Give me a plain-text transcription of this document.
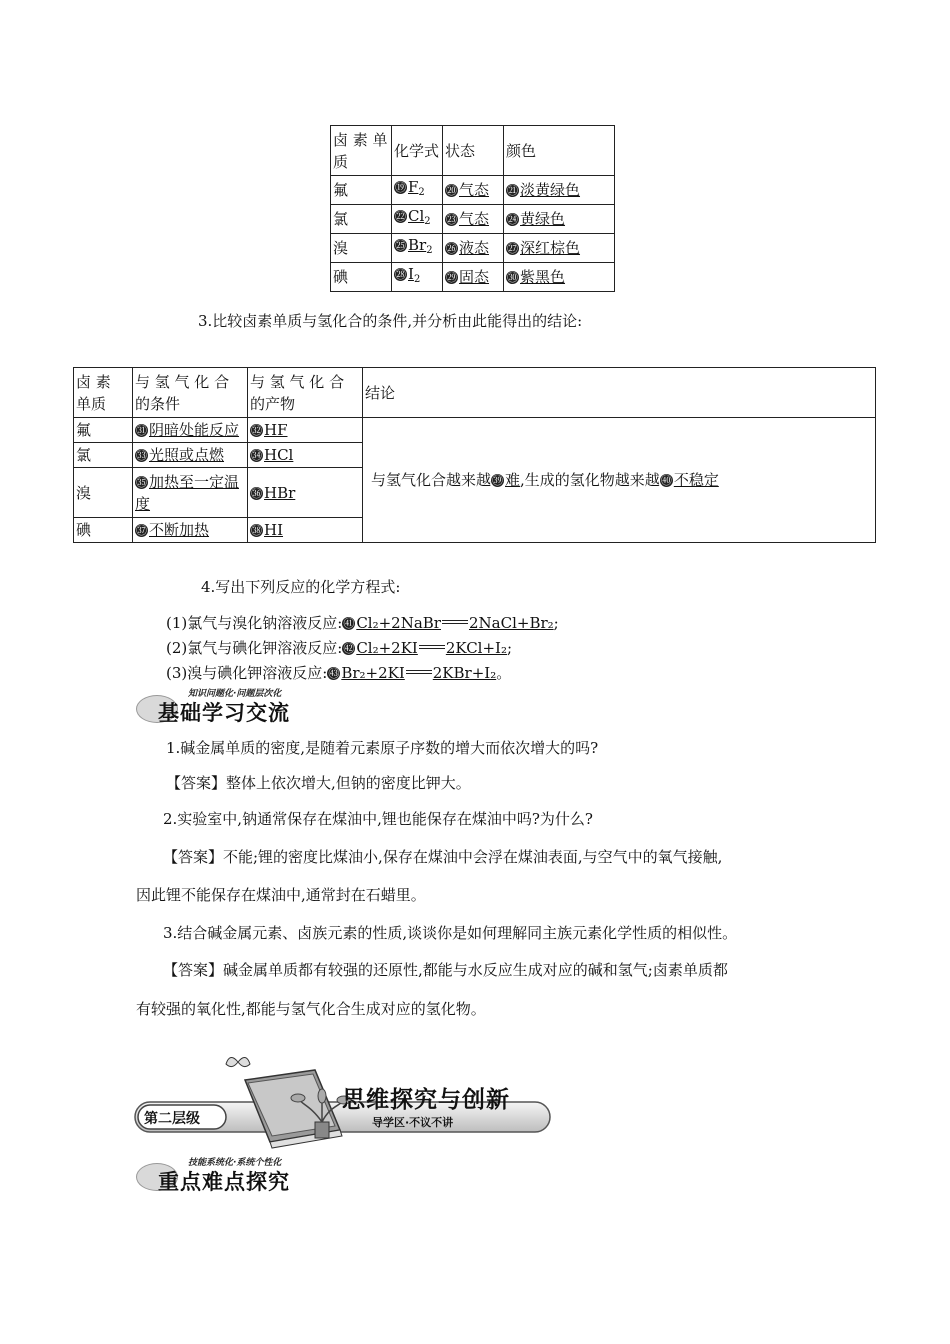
卤 素 单质	化学式	状态	颜色
氟	⑲ $F_2$	⑳ 气态	㉑ 淡黄绿色
氯	㉒ $Cl_2$	㉓ 气态	㉔ 黄绿色
溴	㉕ $Br_2$	㉖ 液态	㉗ 深红棕色
碘	㉘ $I_2$	㉙ 固态	㉚ 紫黑色
3.比较卤素单质与氢化合的条件,并分析由此能得出的结论:
卤 素 单质	与 氢 气 化 合 的条件	与 氢 气 化 合 的产物	结论
氟	㉛ 阴暗处能反应	㉜ HF	与氢气化合越来越㊴ 难,生成的氢化物越来越㊵ 不稳定
氯	㉝ 光照或点燃	㉞ HCl	
溴	㉟ 加热至一定温度	㊱ HBr	
碘	㊲ 不断加热	㊳ HI	
4.写出下列反应的化学方程式:
(1)氯气与溴化钠溶液反应:㊶ Cl₂+2NaBr 2NaCl+Br₂;
(2)氯气与碘化钾溶液反应:㊷ Cl₂+2KI 2KCl+I₂;
(3)溴与碘化钾溶液反应:㊸ Br₂+2KI 2KBr+I₂。
知识问题化·问题层次化
基础学习交流
1.碱金属单质的密度,是随着元素原子序数的增大而依次增大的吗?
【答案】整体上依次增大,但钠的密度比钾大。
2.实验室中,钠通常保存在煤油中,锂也能保存在煤油中吗?为什么?
【答案】不能;锂的密度比煤油小,保存在煤油中会浮在煤油表面,与空气中的氧气接触,
因此锂不能保存在煤油中,通常封在石蜡里。
3.结合碱金属元素、卤族元素的性质,谈谈你是如何理解同主族元素化学性质的相似性。
【答案】碱金属单质都有较强的还原性,都能与水反应生成对应的碱和氢气;卤素单质都
有较强的氧化性,都能与氢气化合生成对应的氢化物。
第二层级
思维探究与创新
导学区·不议不讲
技能系统化·系统个性化
重点难点探究
